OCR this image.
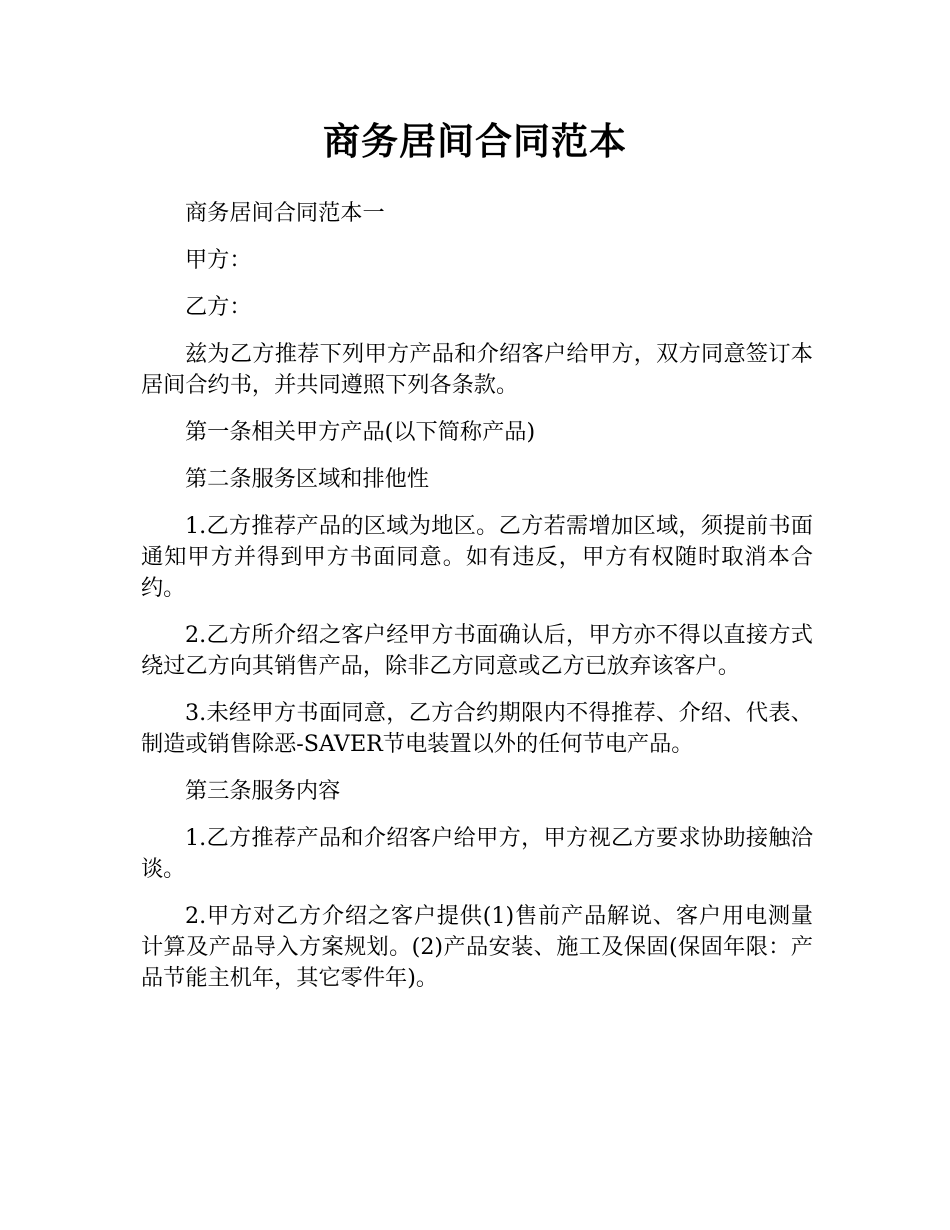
商务居间合同范本

商务居间合同范本一

甲方：

乙方：

兹为乙方推荐下列甲方产品和介绍客户给甲方，双方同意签订本居间合约书，并共同遵照下列各条款。

第一条相关甲方产品(以下简称产品)

第二条服务区域和排他性

1.乙方推荐产品的区域为地区。乙方若需增加区域，须提前书面通知甲方并得到甲方书面同意。如有违反，甲方有权随时取消本合约。

2.乙方所介绍之客户经甲方书面确认后，甲方亦不得以直接方式绕过乙方向其销售产品，除非乙方同意或乙方已放弃该客户。

3.未经甲方书面同意，乙方合约期限内不得推荐、介绍、代表、制造或销售除恶-SAVER节电装置以外的任何节电产品。

第三条服务内容

1.乙方推荐产品和介绍客户给甲方，甲方视乙方要求协助接触洽谈。

2.甲方对乙方介绍之客户提供(1)售前产品解说、客户用电测量计算及产品导入方案规划。(2)产品安装、施工及保固(保固年限：产品节能主机年，其它零件年)。
